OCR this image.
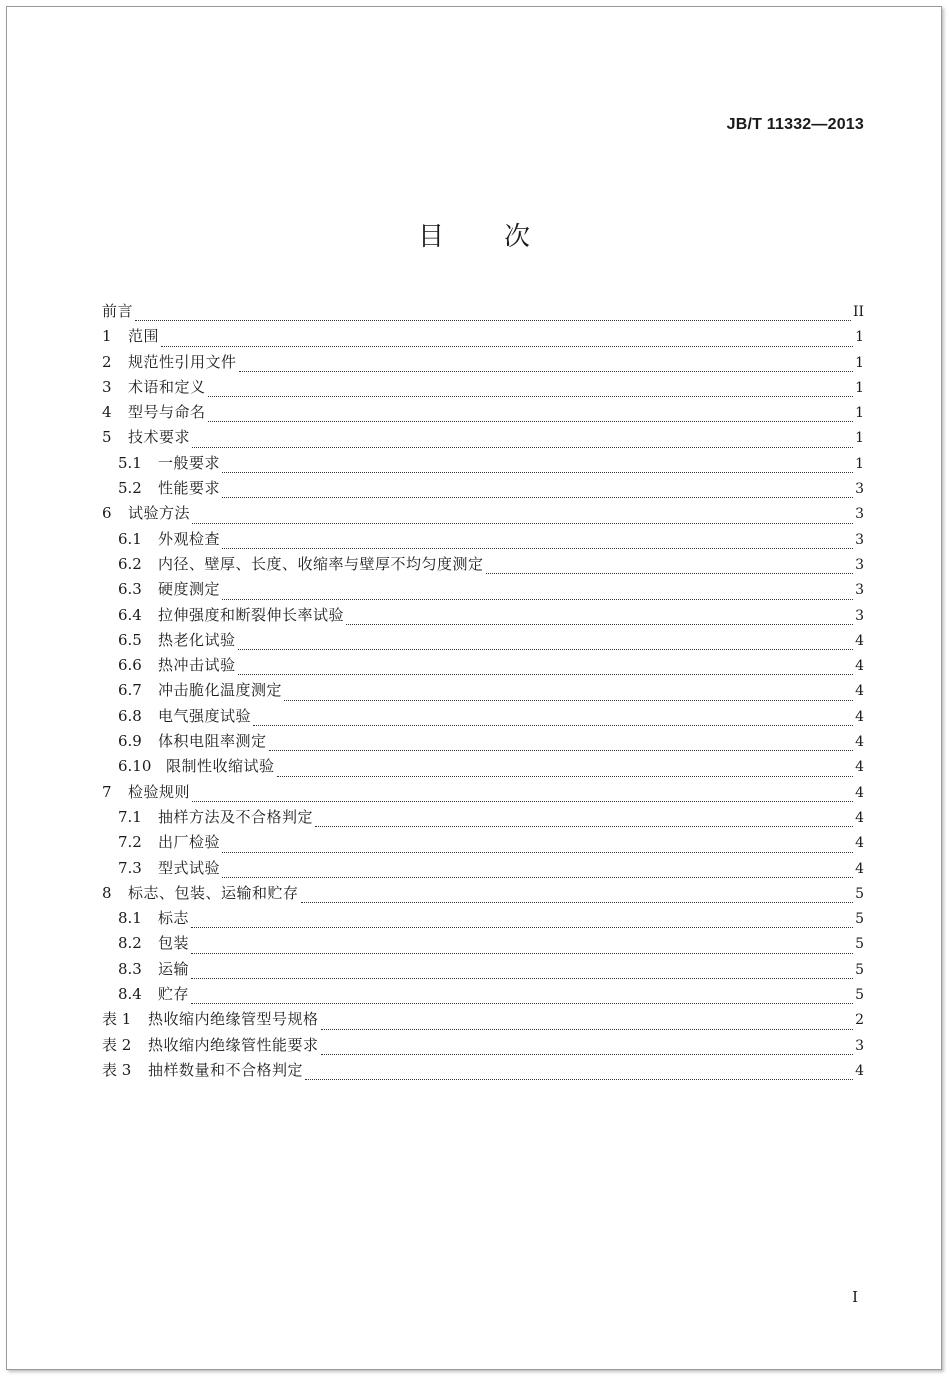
JB/T 11332—2013
目 次
前言	II
1	范围	1
2	规范性引用文件	1
3	术语和定义	1
4	型号与命名	1
5	技术要求	1
5.1	一般要求	1
5.2	性能要求	3
6	试验方法	3
6.1	外观检查	3
6.2	内径、壁厚、长度、收缩率与壁厚不均匀度测定	3
6.3	硬度测定	3
6.4	拉伸强度和断裂伸长率试验	3
6.5	热老化试验	4
6.6	热冲击试验	4
6.7	冲击脆化温度测定	4
6.8	电气强度试验	4
6.9	体积电阻率测定	4
6.10 限制性收缩试验	4
7	检验规则	4
7.1	抽样方法及不合格判定	4
7.2	出厂检验	4
7.3	型式试验	4
8	标志、包装、运输和贮存	5
8.1	标志	5
8.2	包装	5
8.3	运输	5
8.4	贮存	5
表 1	热收缩内绝缘管型号规格	2
表 2	热收缩内绝缘管性能要求	3
表 3	抽样数量和不合格判定	4
I
